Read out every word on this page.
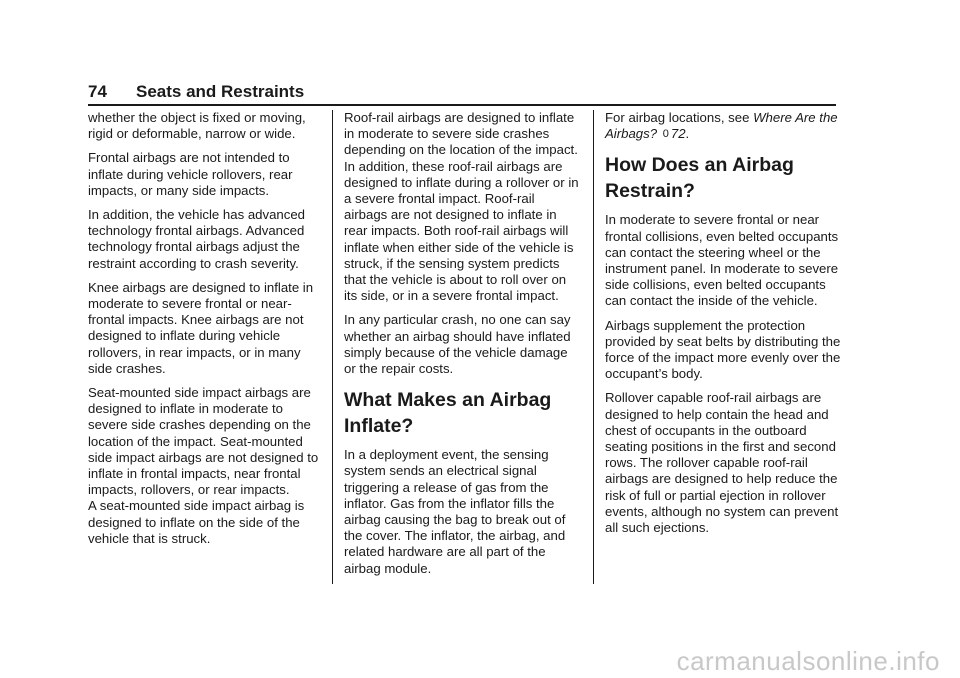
74 Seats and Restraints

whether the object is fixed or moving, rigid or deformable, narrow or wide.

Frontal airbags are not intended to inflate during vehicle rollovers, rear impacts, or many side impacts.

In addition, the vehicle has advanced technology frontal airbags. Advanced technology frontal airbags adjust the restraint according to crash severity.

Knee airbags are designed to inflate in moderate to severe frontal or near-frontal impacts. Knee airbags are not designed to inflate during vehicle rollovers, in rear impacts, or in many side crashes.

Seat-mounted side impact airbags are designed to inflate in moderate to severe side crashes depending on the location of the impact. Seat-mounted side impact airbags are not designed to inflate in frontal impacts, near frontal impacts, rollovers, or rear impacts.

A seat-mounted side impact airbag is designed to inflate on the side of the vehicle that is struck.

Roof-rail airbags are designed to inflate in moderate to severe side crashes depending on the location of the impact. In addition, these roof-rail airbags are designed to inflate during a rollover or in a severe frontal impact. Roof-rail airbags are not designed to inflate in rear impacts. Both roof-rail airbags will inflate when either side of the vehicle is struck, if the sensing system predicts that the vehicle is about to roll over on its side, or in a severe frontal impact.

In any particular crash, no one can say whether an airbag should have inflated simply because of the vehicle damage or the repair costs.

What Makes an Airbag Inflate?

In a deployment event, the sensing system sends an electrical signal triggering a release of gas from the inflator. Gas from the inflator fills the airbag causing the bag to break out of the cover. The inflator, the airbag, and related hardware are all part of the airbag module.

For airbag locations, see Where Are the Airbags? 0 72.

How Does an Airbag Restrain?

In moderate to severe frontal or near frontal collisions, even belted occupants can contact the steering wheel or the instrument panel. In moderate to severe side collisions, even belted occupants can contact the inside of the vehicle.

Airbags supplement the protection provided by seat belts by distributing the force of the impact more evenly over the occupant’s body.

Rollover capable roof-rail airbags are designed to help contain the head and chest of occupants in the outboard seating positions in the first and second rows. The rollover capable roof-rail airbags are designed to help reduce the risk of full or partial ejection in rollover events, although no system can prevent all such ejections.

carmanualsonline.info
